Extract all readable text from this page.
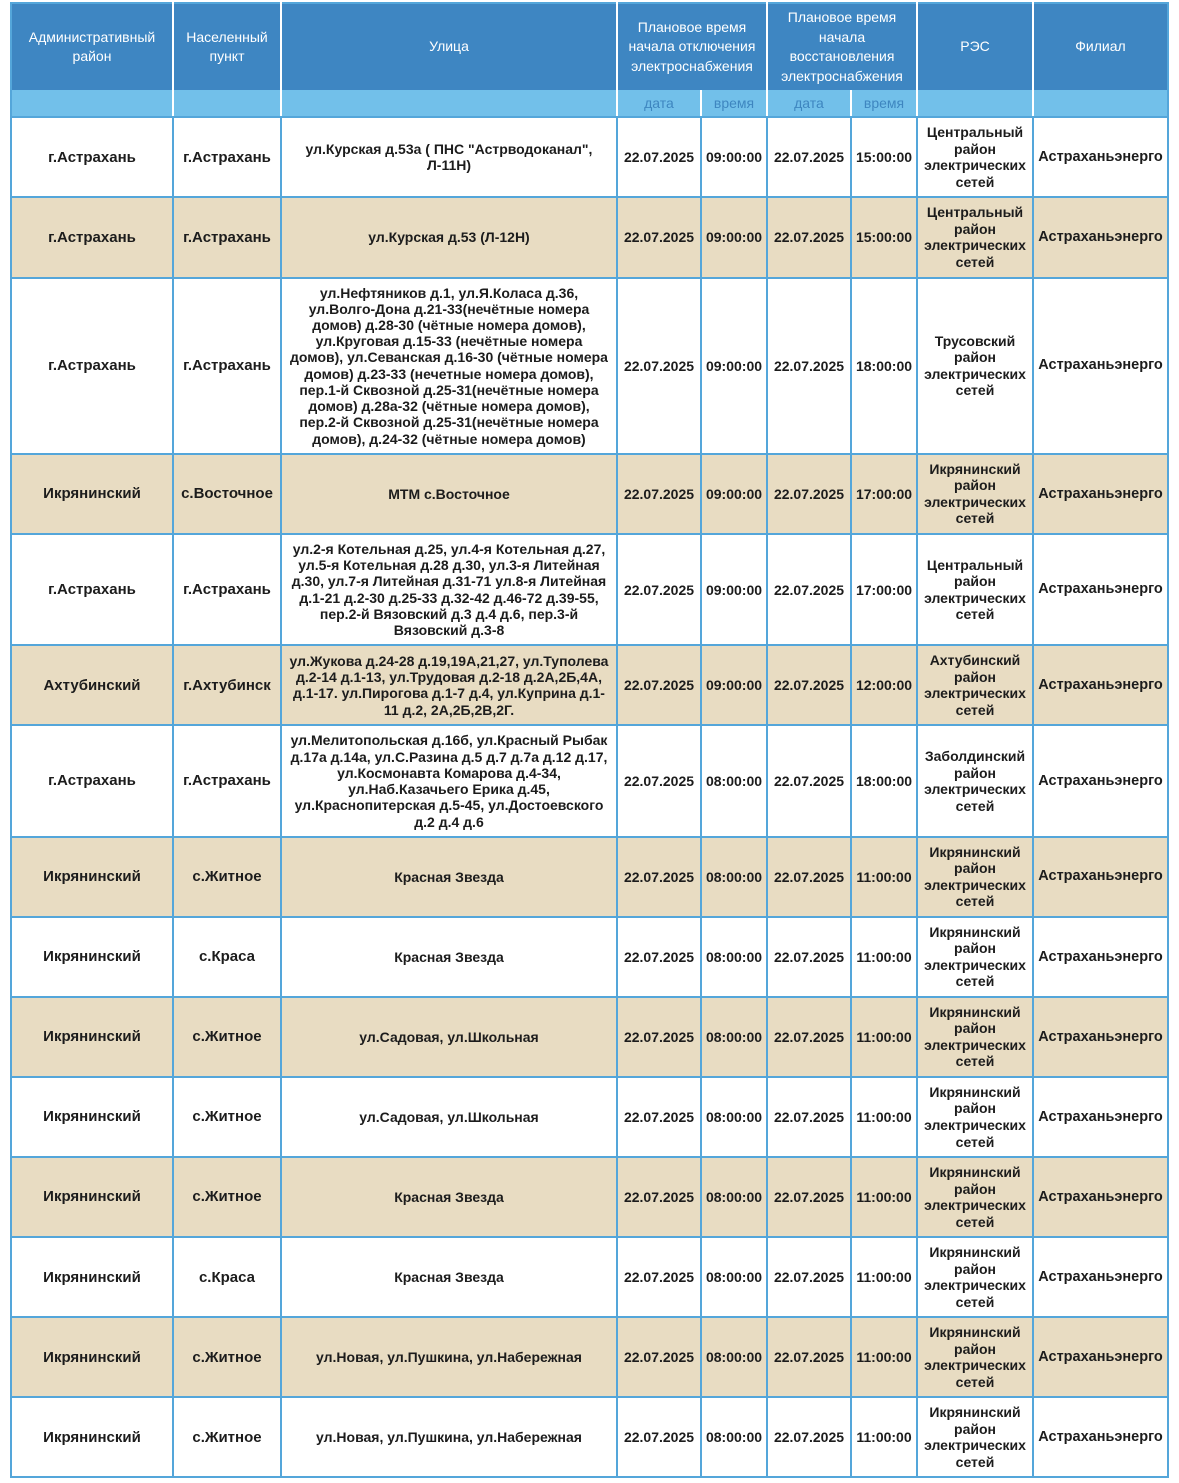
Административный район	Населенный пункт	Улица	Плановое время начала отключения электроснабжения		Плановое время начала восстановления электроснабжения		РЭС	Филиал
			дата	время	дата	время		
г.Астрахань	г.Астрахань	ул.Курская д.53а ( ПНС "Астрводоканал", Л-11Н)	22.07.2025	09:00:00	22.07.2025	15:00:00	Центральный район электрических сетей	Астраханьэнерго
г.Астрахань	г.Астрахань	ул.Курская д.53 (Л-12Н)	22.07.2025	09:00:00	22.07.2025	15:00:00	Центральный район электрических сетей	Астраханьэнерго
г.Астрахань	г.Астрахань	ул.Нефтяников д.1, ул.Я.Коласа д.36, ул.Волго-Дона д.21-33(нечётные номера домов) д.28-30 (чётные номера домов), ул.Круговая д.15-33 (нечётные номера домов), ул.Севанская д.16-30 (чётные номера домов) д.23-33 (нечетные номера домов), пер.1-й Сквозной д.25-31(нечётные номера домов) д.28а-32 (чётные номера домов), пер.2-й Сквозной д.25-31(нечётные номера домов), д.24-32 (чётные номера домов)	22.07.2025	09:00:00	22.07.2025	18:00:00	Трусовский район электрических сетей	Астраханьэнерго
Икрянинский	с.Восточное	МТМ с.Восточное	22.07.2025	09:00:00	22.07.2025	17:00:00	Икрянинский район электрических сетей	Астраханьэнерго
г.Астрахань	г.Астрахань	ул.2-я Котельная д.25, ул.4-я Котельная д.27, ул.5-я Котельная д.28 д.30, ул.3-я Литейная д.30, ул.7-я Литейная д.31-71 ул.8-я Литейная д.1-21 д.2-30 д.25-33 д.32-42 д.46-72 д.39-55, пер.2-й Вязовский д.3 д.4 д.6, пер.3-й Вязовский д.3-8	22.07.2025	09:00:00	22.07.2025	17:00:00	Центральный район электрических сетей	Астраханьэнерго
Ахтубинский	г.Ахтубинск	ул.Жукова д.24-28 д.19,19А,21,27, ул.Туполева д.2-14 д.1-13, ул.Трудовая д.2-18 д.2А,2Б,4А, д.1-17. ул.Пирогова д.1-7 д.4, ул.Куприна д.1-11 д.2, 2А,2Б,2В,2Г.	22.07.2025	09:00:00	22.07.2025	12:00:00	Ахтубинский район электрических сетей	Астраханьэнерго
г.Астрахань	г.Астрахань	ул.Мелитопольская д.16б, ул.Красный Рыбак д.17а д.14а, ул.С.Разина д.5 д.7 д.7а д.12 д.17, ул.Космонавта Комарова д.4-34, ул.Наб.Казачьего Ерика д.45, ул.Краснопитерская д.5-45, ул.Достоевского д.2 д.4 д.6	22.07.2025	08:00:00	22.07.2025	18:00:00	Заболдинский район электрических сетей	Астраханьэнерго
Икрянинский	с.Житное	Красная Звезда	22.07.2025	08:00:00	22.07.2025	11:00:00	Икрянинский район электрических сетей	Астраханьэнерго
Икрянинский	с.Краса	Красная Звезда	22.07.2025	08:00:00	22.07.2025	11:00:00	Икрянинский район электрических сетей	Астраханьэнерго
Икрянинский	с.Житное	ул.Садовая, ул.Школьная	22.07.2025	08:00:00	22.07.2025	11:00:00	Икрянинский район электрических сетей	Астраханьэнерго
Икрянинский	с.Житное	ул.Садовая, ул.Школьная	22.07.2025	08:00:00	22.07.2025	11:00:00	Икрянинский район электрических сетей	Астраханьэнерго
Икрянинский	с.Житное	Красная Звезда	22.07.2025	08:00:00	22.07.2025	11:00:00	Икрянинский район электрических сетей	Астраханьэнерго
Икрянинский	с.Краса	Красная Звезда	22.07.2025	08:00:00	22.07.2025	11:00:00	Икрянинский район электрических сетей	Астраханьэнерго
Икрянинский	с.Житное	ул.Новая, ул.Пушкина, ул.Набережная	22.07.2025	08:00:00	22.07.2025	11:00:00	Икрянинский район электрических сетей	Астраханьэнерго
Икрянинский	с.Житное	ул.Новая, ул.Пушкина, ул.Набережная	22.07.2025	08:00:00	22.07.2025	11:00:00	Икрянинский район электрических сетей	Астраханьэнерго
